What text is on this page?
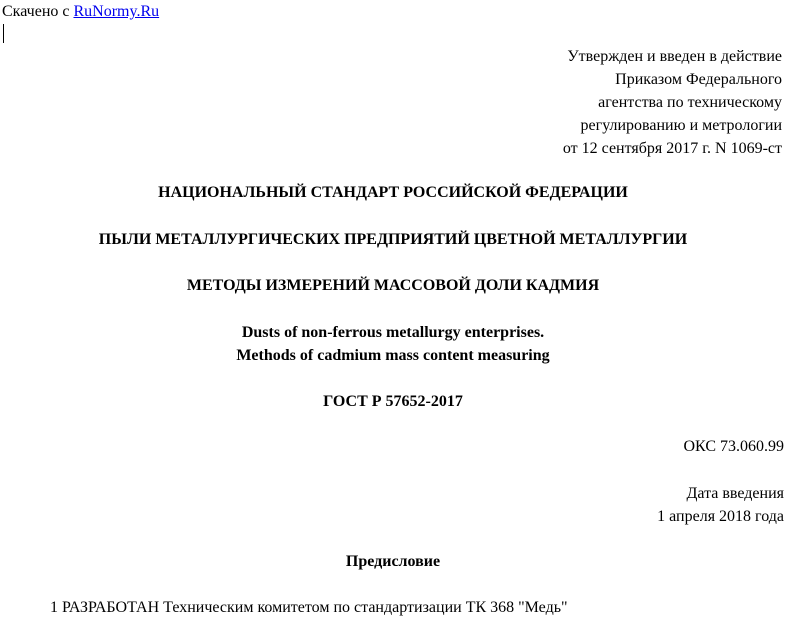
Скачено с RuNormy.Ru
Утвержден и введен в действие
Приказом Федерального
агентства по техническому
регулированию и метрологии
от 12 сентября 2017 г. N 1069-ст
НАЦИОНАЛЬНЫЙ СТАНДАРТ РОССИЙСКОЙ ФЕДЕРАЦИИ
ПЫЛИ МЕТАЛЛУРГИЧЕСКИХ ПРЕДПРИЯТИЙ ЦВЕТНОЙ МЕТАЛЛУРГИИ
МЕТОДЫ ИЗМЕРЕНИЙ МАССОВОЙ ДОЛИ КАДМИЯ
Dusts of non-ferrous metallurgy enterprises.
Methods of cadmium mass content measuring
ГОСТ Р 57652-2017
ОКС 73.060.99
Дата введения
1 апреля 2018 года
Предисловие
1 РАЗРАБОТАН Техническим комитетом по стандартизации ТК 368 "Медь"
